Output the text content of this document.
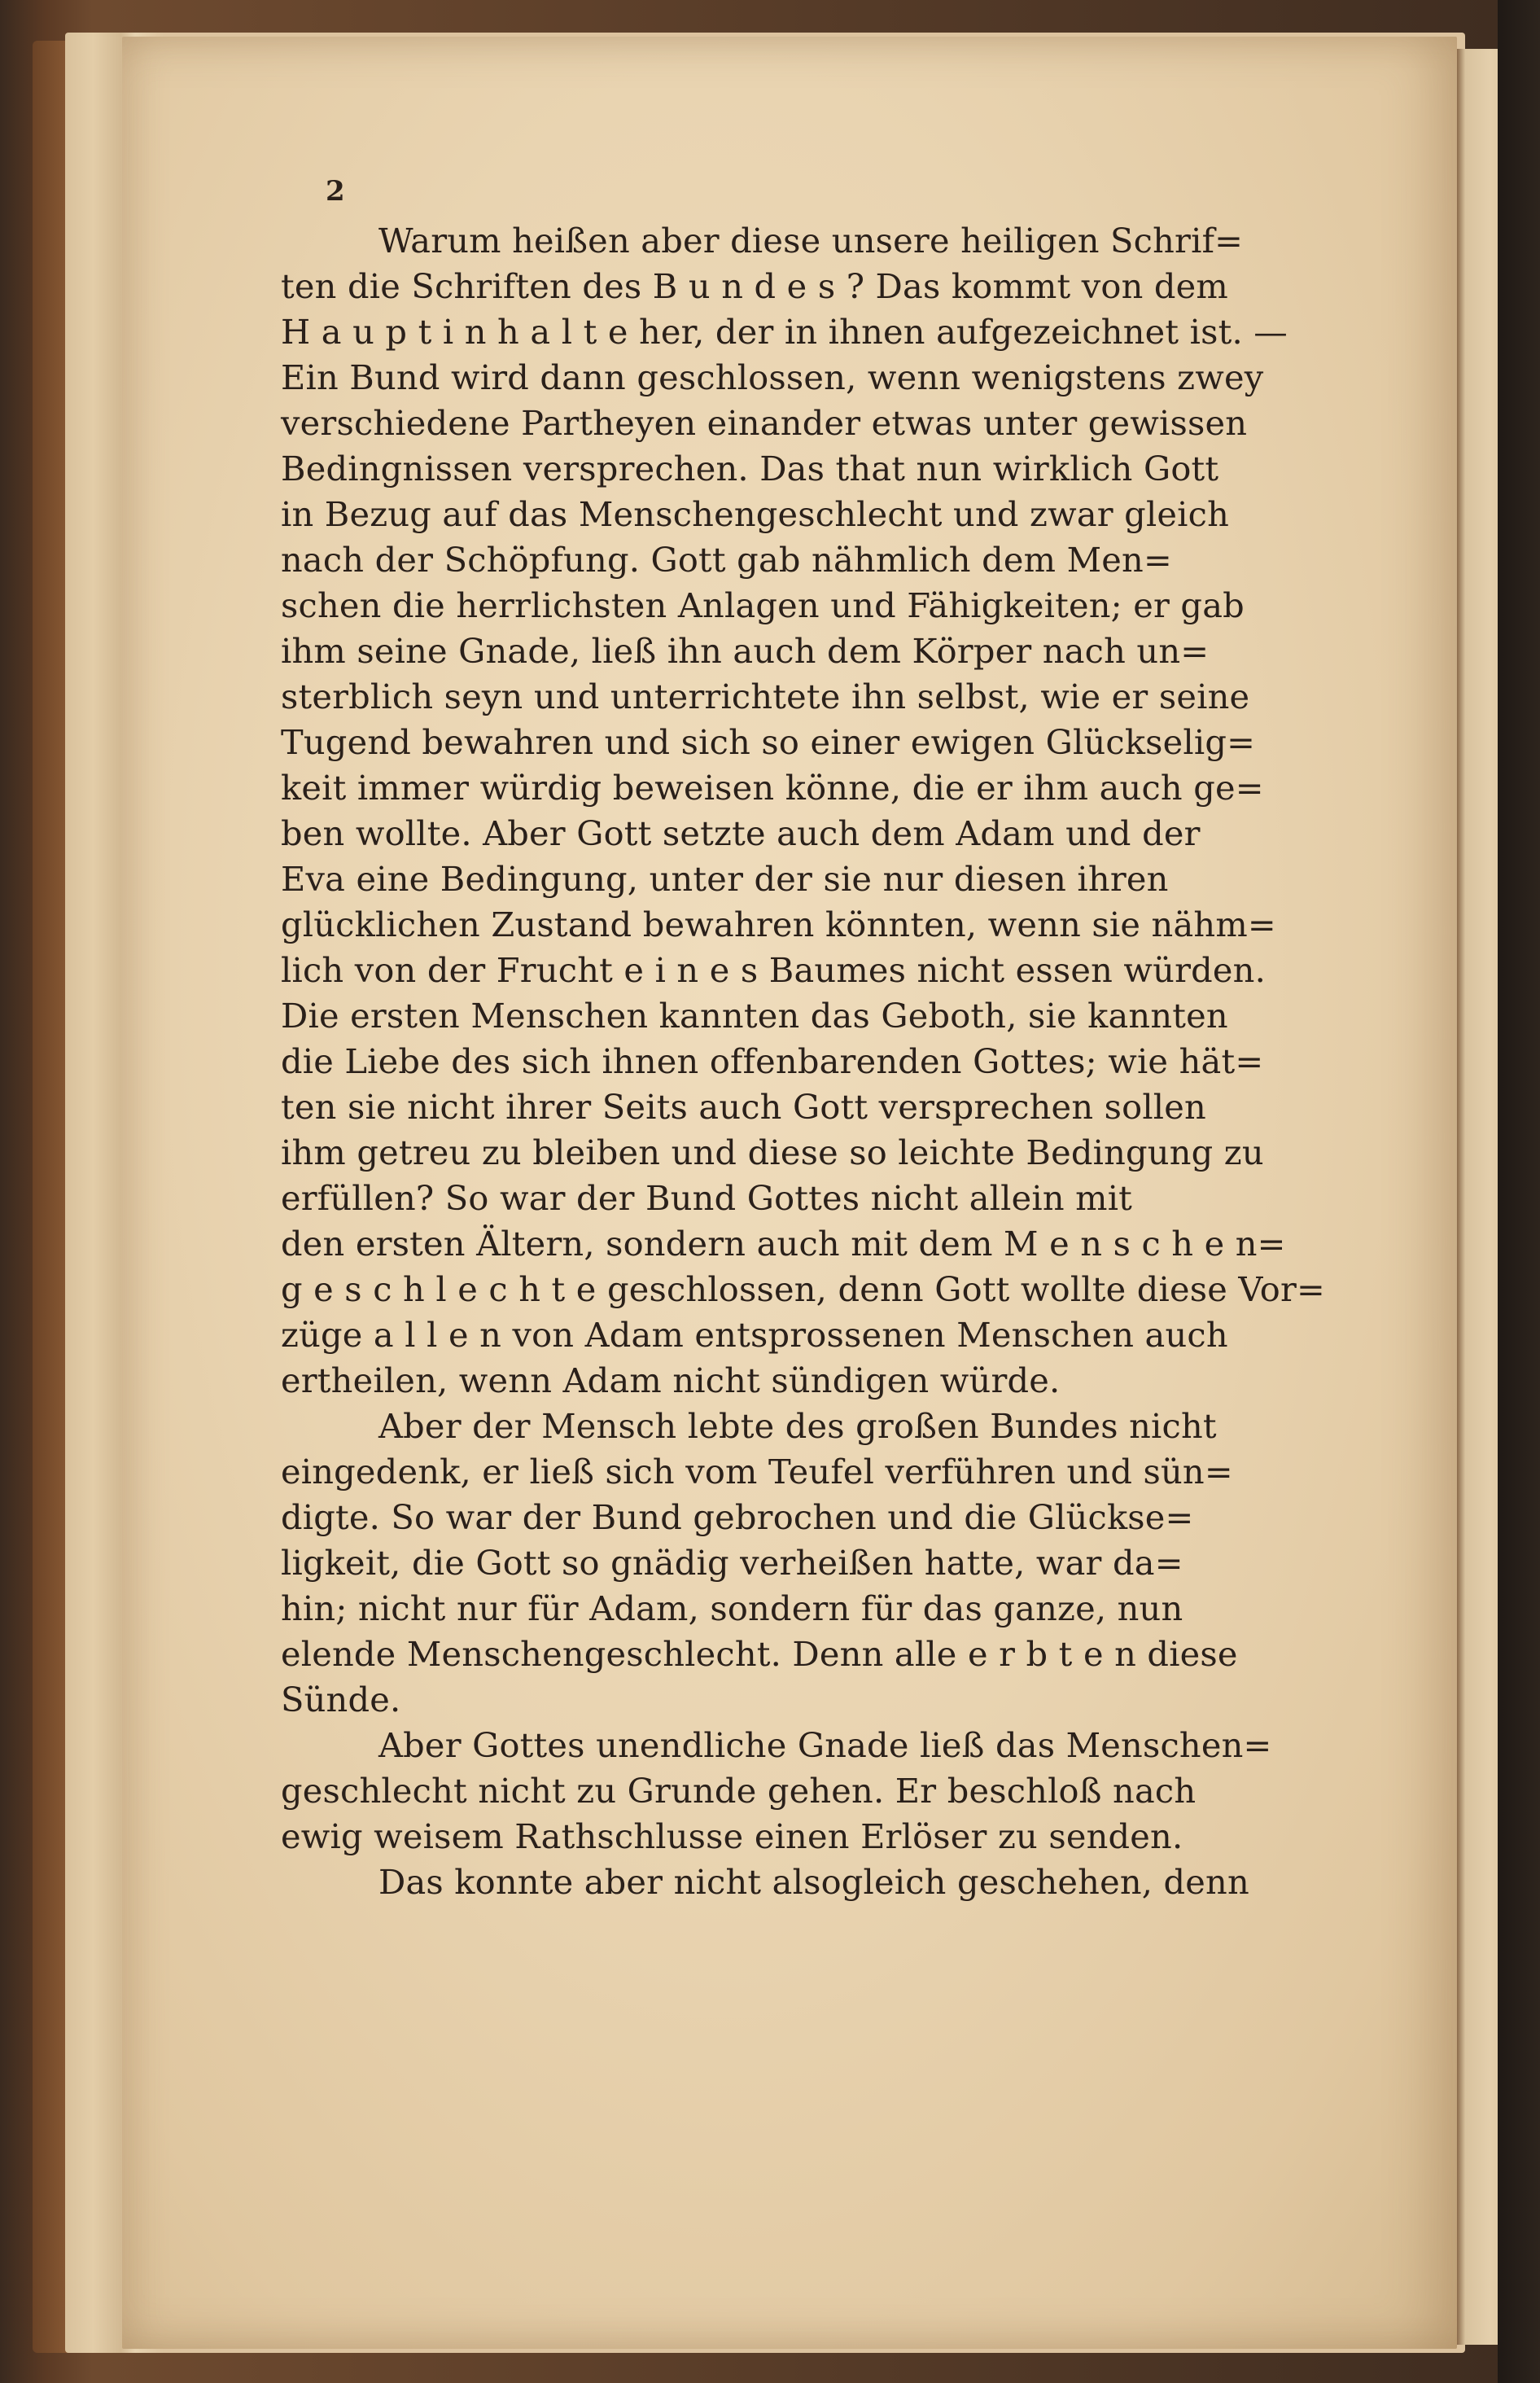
2
Warum heißen aber diese unsere heiligen Schrif=
ten die Schriften des B u n d e s ? Das kommt von dem
H a u p t i n h a l t e her, der in ihnen aufgezeichnet ist. —
Ein Bund wird dann geschlossen, wenn wenigstens zwey
verschiedene Partheyen einander etwas unter gewissen
Bedingnissen versprechen. Das that nun wirklich Gott
in Bezug auf das Menschengeschlecht und zwar gleich
nach der Schöpfung. Gott gab nähmlich dem Men=
schen die herrlichsten Anlagen und Fähigkeiten; er gab
ihm seine Gnade, ließ ihn auch dem Körper nach un=
sterblich seyn und unterrichtete ihn selbst, wie er seine
Tugend bewahren und sich so einer ewigen Glückselig=
keit immer würdig beweisen könne, die er ihm auch ge=
ben wollte. Aber Gott setzte auch dem Adam und der
Eva eine Bedingung, unter der sie nur diesen ihren
glücklichen Zustand bewahren könnten, wenn sie nähm=
lich von der Frucht e i n e s Baumes nicht essen würden.
Die ersten Menschen kannten das Geboth, sie kannten
die Liebe des sich ihnen offenbarenden Gottes; wie hät=
ten sie nicht ihrer Seits auch Gott versprechen sollen
ihm getreu zu bleiben und diese so leichte Bedingung zu
erfüllen? So war der Bund Gottes nicht allein mit
den ersten Ältern, sondern auch mit dem M e n s c h e n=
g e s c h l e c h t e geschlossen, denn Gott wollte diese Vor=
züge a l l e n von Adam entsprossenen Menschen auch
ertheilen, wenn Adam nicht sündigen würde.
Aber der Mensch lebte des großen Bundes nicht
eingedenk, er ließ sich vom Teufel verführen und sün=
digte. So war der Bund gebrochen und die Glückse=
ligkeit, die Gott so gnädig verheißen hatte, war da=
hin; nicht nur für Adam, sondern für das ganze, nun
elende Menschengeschlecht. Denn alle e r b t e n diese
Sünde.
Aber Gottes unendliche Gnade ließ das Menschen=
geschlecht nicht zu Grunde gehen. Er beschloß nach
ewig weisem Rathschlusse einen Erlöser zu senden.
Das konnte aber nicht alsogleich geschehen, denn
